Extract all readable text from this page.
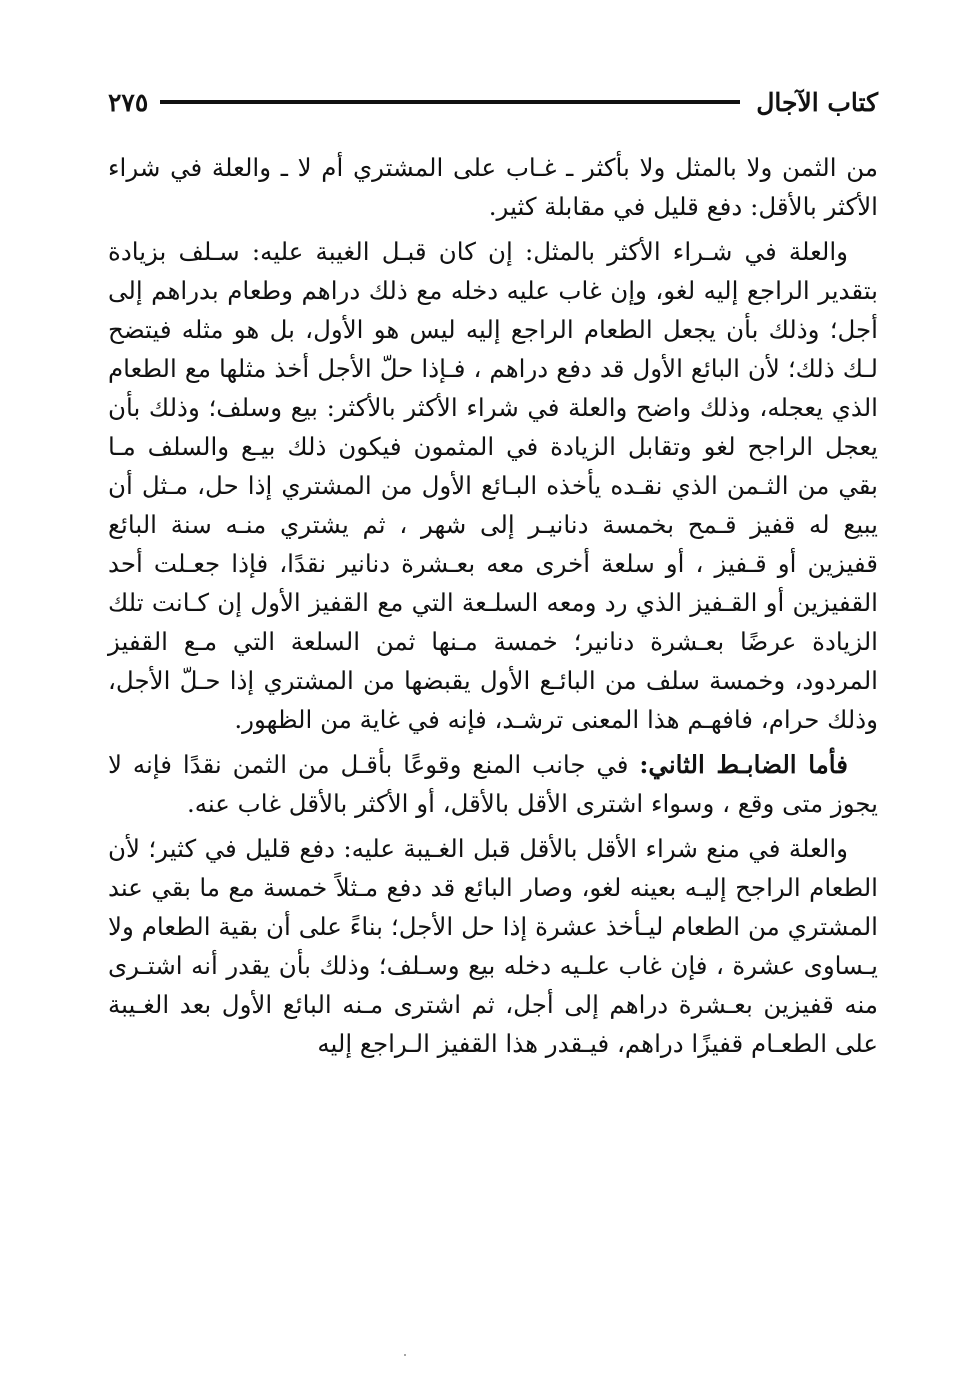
كتاب الآجال
٢٧٥

من الثمن ولا بالمثل ولا بأكثر ـ غـاب على المشتري أم لا ـ والعلة في شراء الأكثر بالأقل: دفع قليل في مقابلة كثير.

والعلة في شـراء الأكثر بالمثل: إن كان قبـل الغيبة عليه: سـلف بزيادة بتقدير الراجع إليه لغو، وإن غاب عليه دخله مع ذلك دراهم وطعام بدراهم إلى أجل؛ وذلك بأن يجعل الطعام الراجع إليه ليس هو الأول، بل هو مثله فيتضح لـك ذلك؛ لأن البائع الأول قد دفع دراهم ، فـإذا حلّ الأجل أخذ مثلها مع الطعام الذي يعجله، وذلك واضح والعلة في شراء الأكثر بالأكثر: بيع وسلف؛ وذلك بأن يعجل الراجح لغو وتقابل الزيادة في المثمون فيكون ذلك بيـع والسلف مـا بقي من الثـمن الذي نقـده يأخذه البـائع الأول من المشتري إذا حل، مـثل أن يبيع له قفيز قـمح بخمسة دنانيـر إلى شهر ، ثم يشتري منـه سنة البائع قفيزين أو قـفيز ، أو سلعة أخرى معه بعـشرة دنانير نقدًا، فإذا جعـلت أحد القفيزين أو القـفيز الذي رد ومعه السلـعة التي مع القفيز الأول إن كـانت تلك الزيادة عرضًا بعـشرة دنانير؛ خمسة مـنها ثمن السلعة التي مـع القفيز المردود، وخمسة سلف من البائـع الأول يقبضها من المشتري إذا حـلّ الأجل، وذلك حرام، فافهـم هذا المعنى ترشـد، فإنه في غاية من الظهور.

فأما الضابـط الثاني: في جانب المنع وقوعًا بأقـل من الثمن نقدًا فإنه لا يجوز متى وقع ، وسواء اشترى الأقل بالأقل، أو الأكثر بالأقل غاب عنه.

والعلة في منع شراء الأقل بالأقل قبل الغـيبة عليه: دفع قليل في كثير؛ لأن الطعام الراجح إليـه بعينه لغو، وصار البائع قد دفع مـثلاً خمسة مع ما بقي عند المشتري من الطعام ليـأخذ عشرة إذا حل الأجل؛ بناءً على أن بقية الطعام ولا يـساوى عشرة ، فإن غاب علـيه دخله بيع وسـلف؛ وذلك بأن يقدر أنه اشتـرى منه قفيزين بعـشرة دراهم إلى أجل، ثم اشترى مـنه البائع الأول بعد الغـيبة على الطعـام قفيزًا دراهم، فيـقدر هذا القفيز الـراجع إليه
